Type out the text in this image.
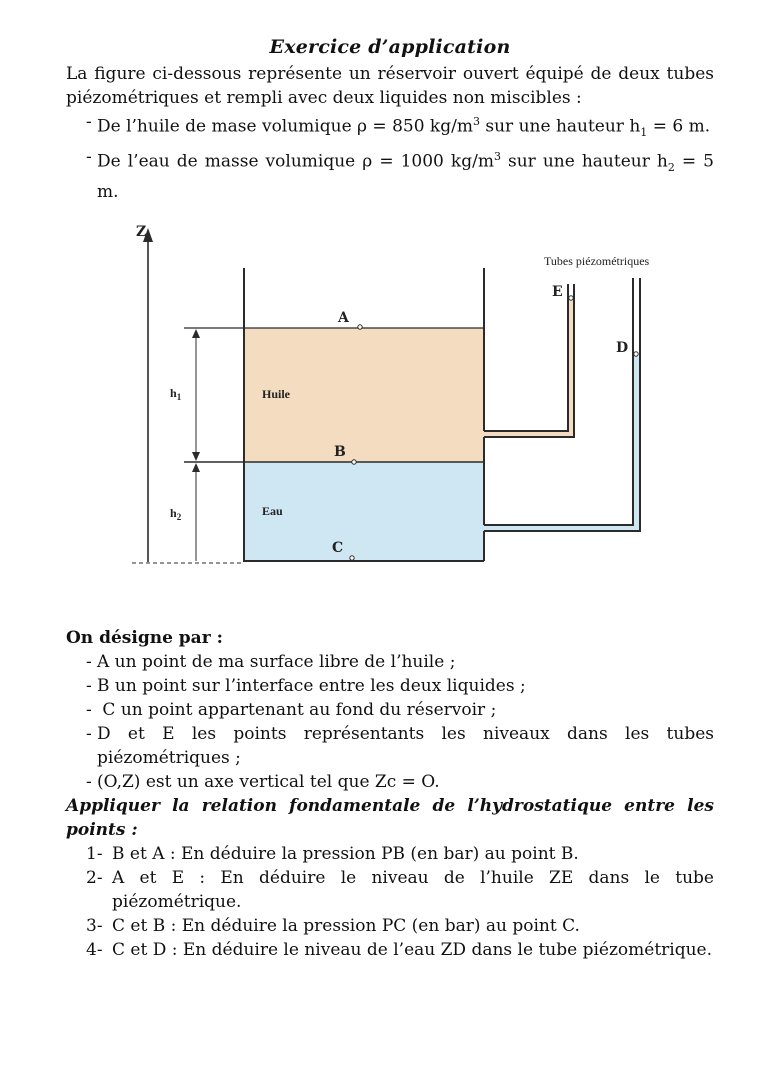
Exercice d’application

La figure ci-dessous représente un réservoir ouvert équipé de deux tubes piézométriques et rempli avec deux liquides non miscibles :

- De l’huile de mase volumique ρ = 850 $kg/m^3$ sur une hauteur $h_1 = 6$ m.
- De l’eau de masse volumique ρ = 1000 $kg/m^3$ sur une hauteur $h_2 = 5$ m.
Z
$h_1$
$h_2$
Huile
Eau
A
B
C
E
D
Tubes piézométriques

On désigne par :

- A un point de ma surface libre de l’huile ;
- B un point sur l’interface entre les deux liquides ;
-  C un point appartenant au fond du réservoir ;
- D et E les points représentants les niveaux dans les tubes piézométriques ;
- (O,Z) est un axe vertical tel que Zc = O.

Appliquer la relation fondamentale de l’hydrostatique entre les points :

1- B et A : En déduire la pression PB (en bar) au point B.
2- A et E : En déduire le niveau de l’huile ZE dans le tube piézométrique.
3- C et B : En déduire la pression PC (en bar) au point C.
4- C et D : En déduire le niveau de l’eau ZD dans le tube piézométrique.
